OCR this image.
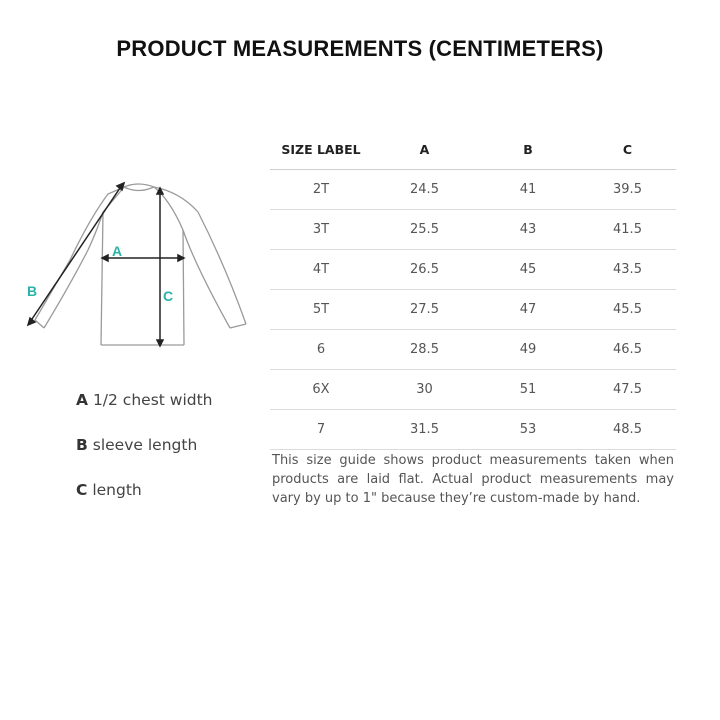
PRODUCT MEASUREMENTS (CENTIMETERS)
A
C
B
A 1/2 chest width
B sleeve length
C length
SIZE LABEL	A	B	C
2T	24.5	41	39.5
3T	25.5	43	41.5
4T	26.5	45	43.5
5T	27.5	47	45.5
6	28.5	49	46.5
6X	30	51	47.5
7	31.5	53	48.5
This size guide shows product measurements taken when products are laid flat. Actual product measurements may vary by up to 1" because they’re custom-made by hand.
